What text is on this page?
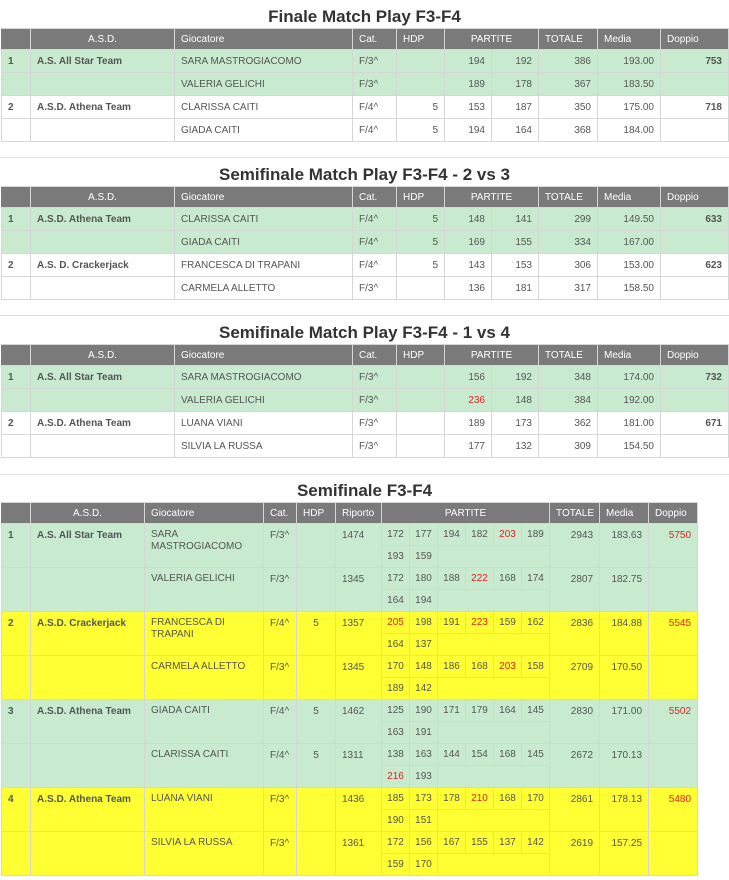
Finale Match Play F3-F4
	A.S.D.	Giocatore	Cat.	HDP	PARTITE		TOTALE	Media	Doppio
1	A.S. All Star Team	SARA MASTROGIACOMO	F/3^		194	192	386	193.00	753
		VALERIA GELICHI	F/3^		189	178	367	183.50	
2	A.S.D. Athena Team	CLARISSA CAITI	F/4^	5	153	187	350	175.00	718
		GIADA CAITI	F/4^	5	194	164	368	184.00	
Semifinale Match Play F3-F4 - 2 vs 3
	A.S.D.	Giocatore	Cat.	HDP	PARTITE		TOTALE	Media	Doppio
1	A.S.D. Athena Team	CLARISSA CAITI	F/4^	5	148	141	299	149.50	633
		GIADA CAITI	F/4^	5	169	155	334	167.00	
2	A.S. D. Crackerjack	FRANCESCA DI TRAPANI	F/4^	5	143	153	306	153.00	623
		CARMELA ALLETTO	F/3^		136	181	317	158.50	
Semifinale Match Play F3-F4 - 1 vs 4
	A.S.D.	Giocatore	Cat.	HDP	PARTITE		TOTALE	Media	Doppio
1	A.S. All Star Team	SARA MASTROGIACOMO	F/3^		156	192	348	174.00	732
		VALERIA GELICHI	F/3^		236	148	384	192.00	
2	A.S.D. Athena Team	LUANA VIANI	F/3^		189	173	362	181.00	671
		SILVIA LA RUSSA	F/3^		177	132	309	154.50	
Semifinale F3-F4
	A.S.D.	Giocatore	Cat.	HDP	Riporto	PARTITE						TOTALE	Media	Doppio
1	A.S. All Star Team	SARA MASTROGIACOMO	F/3^		1474	172	177	194	182	203	189	2943	183.63	5750
						193	159							
		VALERIA GELICHI	F/3^		1345	172	180	188	222	168	174	2807	182.75	
						164	194							
2	A.S.D. Crackerjack	FRANCESCA DI TRAPANI	F/4^	5	1357	205	198	191	223	159	162	2836	184.88	5545
						164	137							
		CARMELA ALLETTO	F/3^		1345	170	148	186	168	203	158	2709	170.50	
						189	142							
3	A.S.D. Athena Team	GIADA CAITI	F/4^	5	1462	125	190	171	179	164	145	2830	171.00	5502
						163	191							
		CLARISSA CAITI	F/4^	5	1311	138	163	144	154	168	145	2672	170.13	
						216	193							
4	A.S.D. Athena Team	LUANA VIANI	F/3^		1436	185	173	178	210	168	170	2861	178.13	5480
						190	151							
		SILVIA LA RUSSA	F/3^		1361	172	156	167	155	137	142	2619	157.25	
						159	170							
